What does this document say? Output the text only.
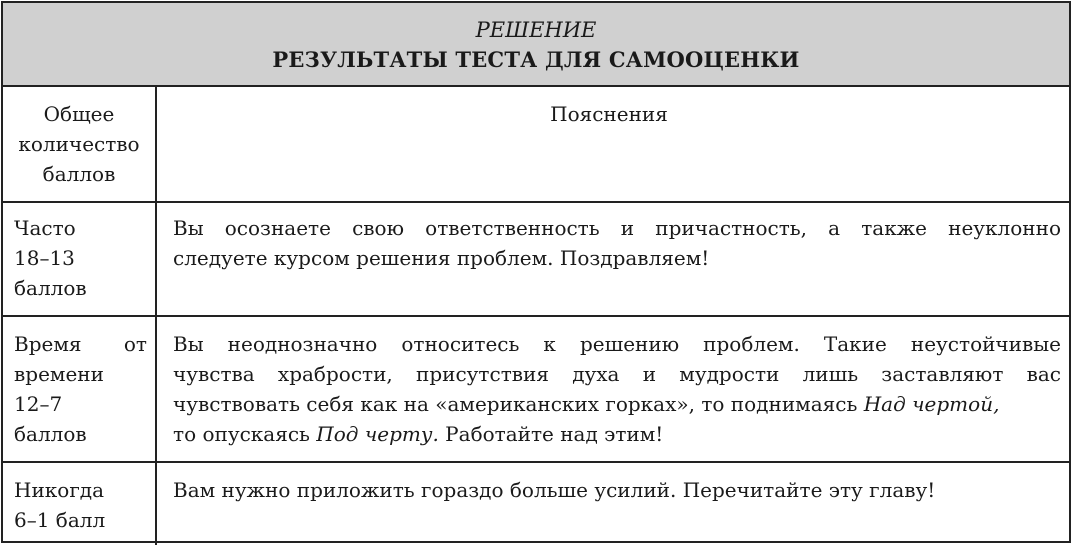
РЕШЕНИЕ
РЕЗУЛЬТАТЫ ТЕСТА ДЛЯ САМООЦЕНКИ
Общее
количество
баллов
Пояснения
Часто
18–13
баллов
Вы осознаете свою ответственность и причастность, а также неуклонно
следуете курсом решения проблем. Поздравляем!
Время от
времени
12–7
баллов
Вы неоднозначно относитесь к решению проблем. Такие неустойчивые
чувства храбрости, присутствия духа и мудрости лишь заставляют вас
чувствовать себя как на «американских горках», то поднимаясь Над чертой,
то опускаясь Под черту. Работайте над этим!
Никогда
6–1 балл
Вам нужно приложить гораздо больше усилий. Перечитайте эту главу!
